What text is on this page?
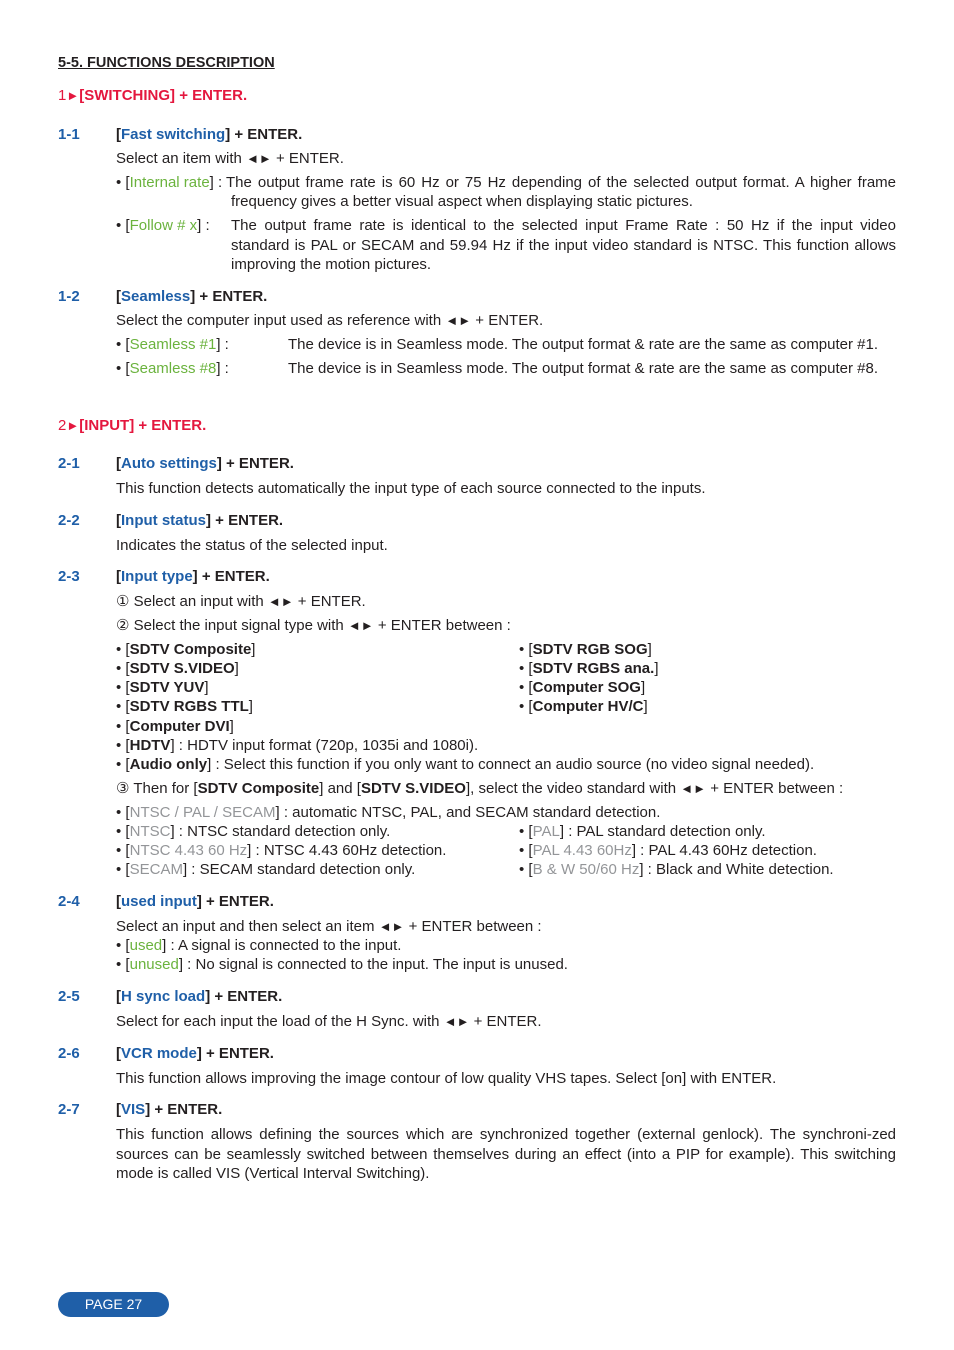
5-5. FUNCTIONS DESCRIPTION
1►[SWITCHING] + ENTER.
1-1 [Fast switching] + ENTER.
Select an item with ◄► + ENTER.
• [Internal rate] : The output frame rate is 60 Hz or 75 Hz depending of the selected output format. A higher frame
frequency gives a better visual aspect when displaying static pictures.
• [Follow # x] : The output frame rate is identical to the selected input Frame Rate : 50 Hz if the input video standard is PAL or SECAM and 59.94 Hz if the input video standard is NTSC. This function allows improving the motion pictures.
1-2 [Seamless] + ENTER.
Select the computer input used as reference with ◄► + ENTER.
• [Seamless #1] :	The device is in Seamless mode. The output format & rate are the same as computer #1.
• [Seamless #8] :	The device is in Seamless mode. The output format & rate are the same as computer #8.
2►[INPUT] + ENTER.
2-1 [Auto settings] + ENTER.
This function detects automatically the input type of each source connected to the inputs.
2-2 [Input status] + ENTER.
Indicates the status of the selected input.
2-3 [Input type] + ENTER.
① Select an input with ◄► + ENTER.
② Select the input signal type with ◄► + ENTER between :
• [SDTV Composite]
• [SDTV S.VIDEO]
• [SDTV YUV]
• [SDTV RGBS TTL]
• [Computer DVI]
• [SDTV RGB SOG]
• [SDTV RGBS ana.]
• [Computer SOG]
• [Computer HV/C]
• [HDTV] : HDTV input format (720p, 1035i and 1080i).
• [Audio only] : Select this function if you only want to connect an audio source (no video signal needed).
③ Then for [SDTV Composite] and [SDTV S.VIDEO], select the video standard with ◄► + ENTER between :
• [NTSC / PAL / SECAM] : automatic NTSC, PAL, and SECAM standard detection.
• [NTSC] : NTSC standard detection only.	• [PAL] : PAL standard detection only.
• [NTSC 4.43 60 Hz] : NTSC 4.43 60Hz detection.	• [PAL 4.43 60Hz] : PAL 4.43 60Hz detection.
• [SECAM] : SECAM standard detection only.	• [B & W 50/60 Hz] : Black and White detection.
2-4 [used input] + ENTER.
Select an input and then select an item ◄► + ENTER between :
• [used] : A signal is connected to the input.
• [unused] : No signal is connected to the input. The input is unused.
2-5 [H sync load] + ENTER.
Select for each input the load of the H Sync. with ◄► + ENTER.
2-6 [VCR mode] + ENTER.
This function allows improving the image contour of low quality VHS tapes. Select [on] with ENTER.
2-7 [VIS] + ENTER.
This function allows defining the sources which are synchronized together (external genlock). The synchroni-zed sources can be seamlessly switched between themselves during an effect (into a PIP for example). This switching mode is called VIS (Vertical Interval Switching).
PAGE 27
